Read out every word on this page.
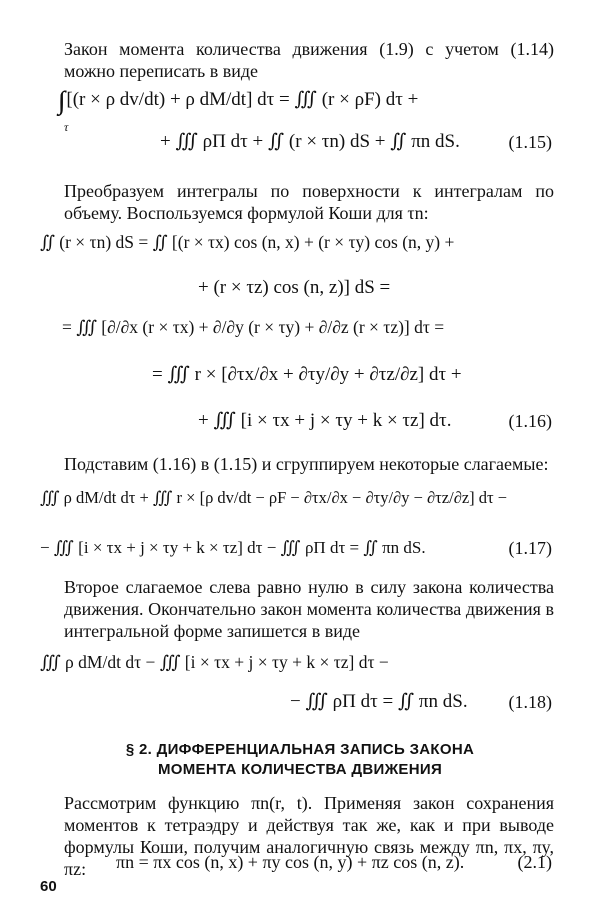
Закон момента количества движения (1.9) с учетом (1.14) можно переписать в виде

∫∫∫
τ
[(r × ρ dv/dt) + ρ dM/dt] dτ = ∭ (r × ρF) dτ +
+ ∭ ρΠ dτ + ∬ (r × τn) dS + ∬ πn dS.	(1.15)

Преобразуем интегралы по поверхности к интегралам по объему. Воспользуемся формулой Коши для τn:

∬ (r × τn) dS = ∬ [(r × τx) cos (n, x) + (r × τy) cos (n, y) +
+ (r × τz) cos (n, z)] dS =
= ∭ [∂/∂x (r × τx) + ∂/∂y (r × τy) + ∂/∂z (r × τz)] dτ =
= ∭ r × [∂τx/∂x + ∂τy/∂y + ∂τz/∂z] dτ +
+ ∭ [i × τx + j × τy + k × τz] dτ.	(1.16)

Подставим (1.16) в (1.15) и сгруппируем некоторые слагаемые:

∭ ρ dM/dt dτ + ∭ r × [ρ dv/dt − ρF − ∂τx/∂x − ∂τy/∂y − ∂τz/∂z] dτ −
− ∭ [i × τx + j × τy + k × τz] dτ − ∭ ρΠ dτ = ∬ πn dS.	(1.17)

Второе слагаемое слева равно нулю в силу закона количества движения. Окончательно закон момента количества движения в интегральной форме запишется в виде

∭ ρ dM/dt dτ − ∭ [i × τx + j × τy + k × τz] dτ −
− ∭ ρΠ dτ = ∬ πn dS. (1.18)
§ 2. ДИФФЕРЕНЦИАЛЬНАЯ ЗАПИСЬ ЗАКОНА
МОМЕНТА КОЛИЧЕСТВА ДВИЖЕНИЯ

Рассмотрим функцию πn(r, t). Применяя закон сохранения моментов к тетраэдру и действуя так же, как и при выводе формулы Коши, получим аналогичную связь между πn, πx, πy, πz:	πn = πx cos (n, x) + πy cos (n, y) + πz cos (n, z).	(2.1)
60
